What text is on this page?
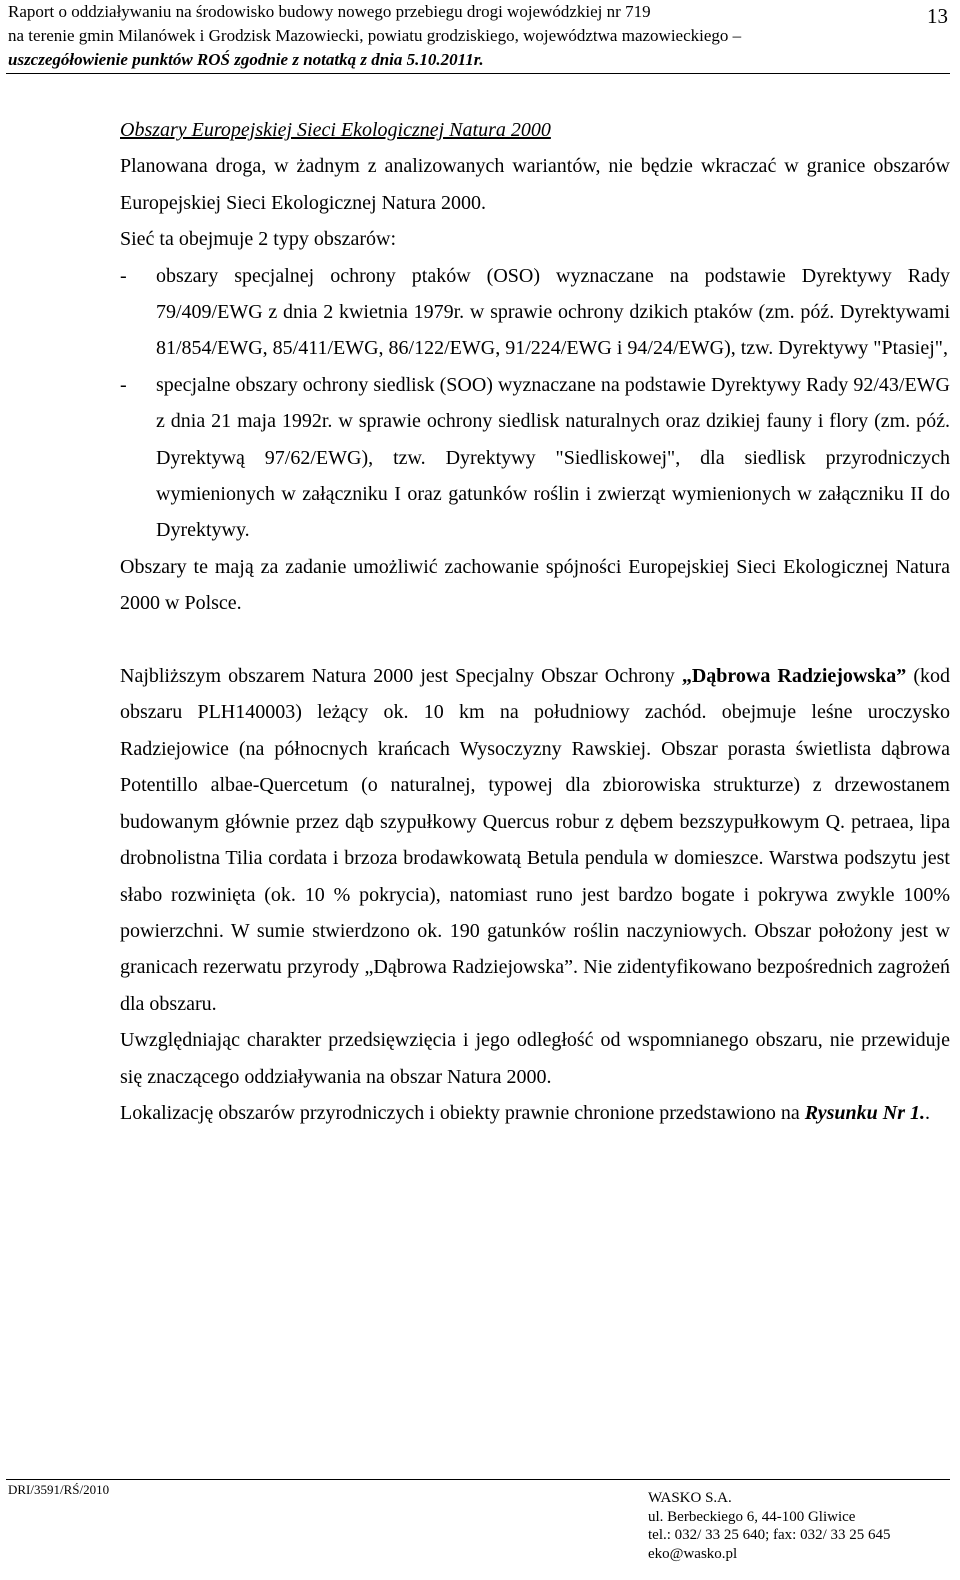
Raport o oddziaływaniu na środowisko budowy nowego przebiegu drogi wojewódzkiej nr 719
na terenie gmin Milanówek i Grodzisk Mazowiecki, powiatu grodziskiego, województwa mazowieckiego –
uszczegółowienie punktów ROŚ zgodnie z notatką z dnia 5.10.2011r.
13

Obszary Europejskiej Sieci Ekologicznej Natura 2000

Planowana droga, w żadnym z analizowanych wariantów, nie będzie wkraczać w granice obszarów Europejskiej Sieci Ekologicznej Natura 2000.

Sieć ta obejmuje 2 typy obszarów:

-	obszary specjalnej ochrony ptaków (OSO) wyznaczane na podstawie Dyrektywy Rady 79/409/EWG z dnia 2 kwietnia 1979r. w sprawie ochrony dzikich ptaków (zm. póź. Dyrektywami 81/854/EWG, 85/411/EWG, 86/122/EWG, 91/224/EWG i 94/24/EWG), tzw. Dyrektywy "Ptasiej",
-	specjalne obszary ochrony siedlisk (SOO) wyznaczane na podstawie Dyrektywy Rady 92/43/EWG z dnia 21 maja 1992r. w sprawie ochrony siedlisk naturalnych oraz dzikiej fauny i flory (zm. póź. Dyrektywą 97/62/EWG), tzw. Dyrektywy "Siedliskowej", dla siedlisk przyrodniczych wymienionych w załączniku I oraz gatunków roślin i zwierząt wymienionych w załączniku II do Dyrektywy.

Obszary te mają za zadanie umożliwić zachowanie spójności Europejskiej Sieci Ekologicznej Natura 2000 w Polsce.

Najbliższym obszarem Natura 2000 jest Specjalny Obszar Ochrony „Dąbrowa Radziejowska” (kod obszaru PLH140003) leżący ok. 10 km na południowy zachód. obejmuje leśne uroczysko Radziejowice (na północnych krańcach Wysoczyzny Rawskiej. Obszar porasta świetlista dąbrowa Potentillo albae-Quercetum (o naturalnej, typowej dla zbiorowiska strukturze) z drzewostanem budowanym głównie przez dąb szypułkowy Quercus robur z dębem bezszypułkowym Q. petraea, lipa drobnolistna Tilia cordata i brzoza brodawkowatą Betula pendula w domieszce. Warstwa podszytu jest słabo rozwinięta (ok. 10 % pokrycia), natomiast runo jest bardzo bogate i pokrywa zwykle 100% powierzchni. W sumie stwierdzono ok. 190 gatunków roślin naczyniowych. Obszar położony jest w granicach rezerwatu przyrody „Dąbrowa Radziejowska”. Nie zidentyfikowano bezpośrednich zagrożeń dla obszaru.

Uwzględniając charakter przedsięwzięcia i jego odległość od wspomnianego obszaru, nie przewiduje się znaczącego oddziaływania na obszar Natura 2000.

Lokalizację obszarów przyrodniczych i obiekty prawnie chronione przedstawiono na Rysunku Nr 1..

DRI/3591/RŚ/2010
WASKO S.A.
ul. Berbeckiego 6, 44-100 Gliwice
tel.: 032/ 33 25 640; fax: 032/ 33 25 645
eko@wasko.pl
